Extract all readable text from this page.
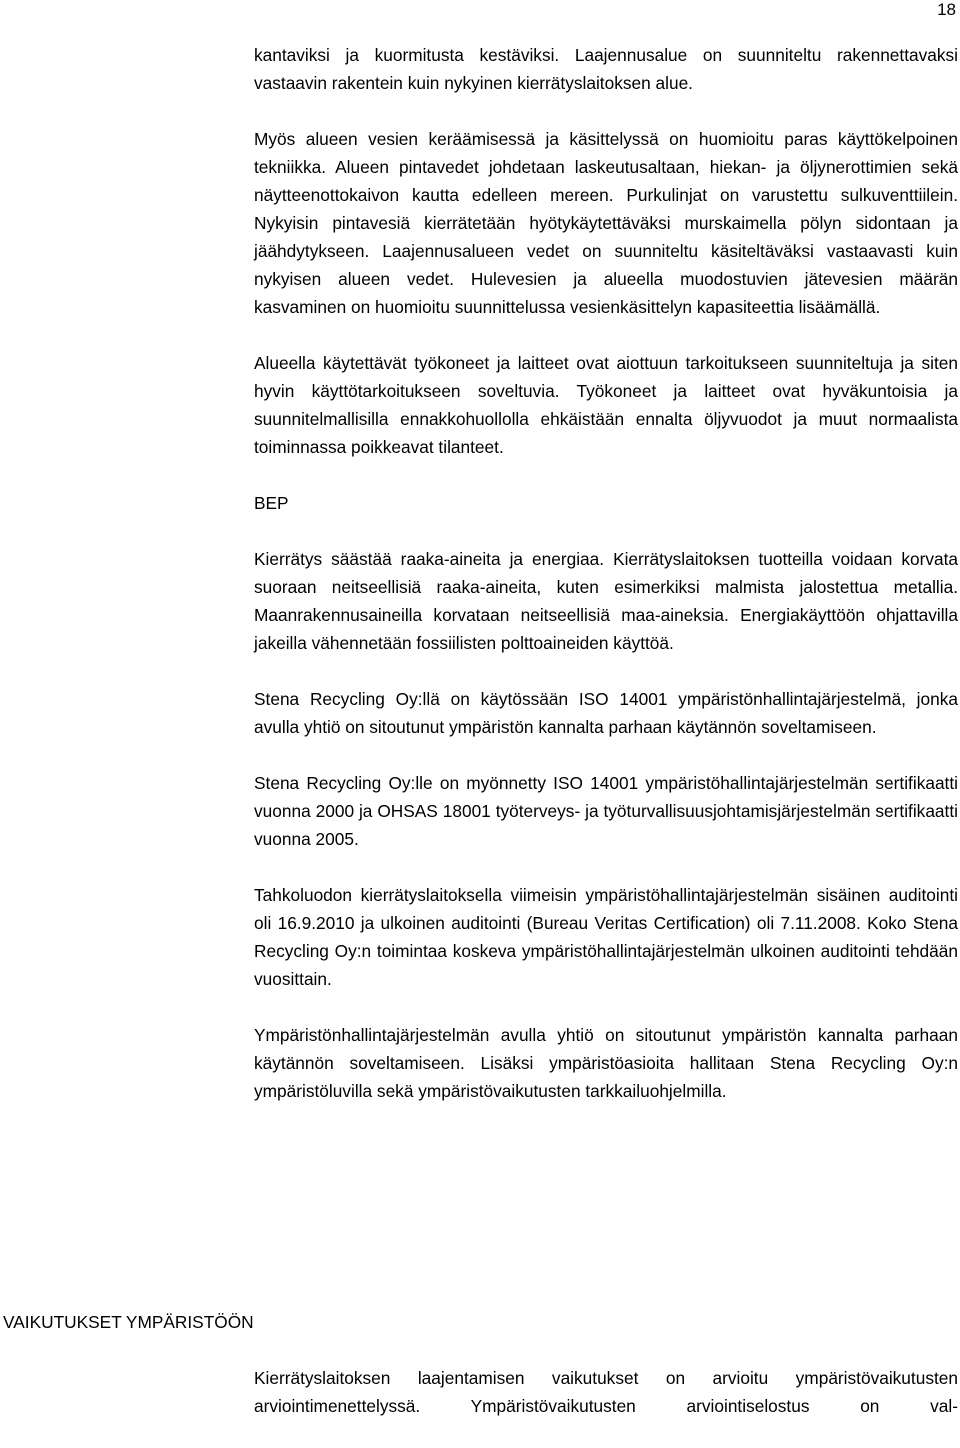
18

kantaviksi ja kuormitusta kestäviksi. Laajennusalue on suunniteltu rakennettavaksi vastaavin rakentein kuin nykyinen kierrätyslaitoksen alue.

Myös alueen vesien keräämisessä ja käsittelyssä on huomioitu paras käyttökelpoinen tekniikka. Alueen pintavedet johdetaan laskeutusaltaan, hiekan- ja öljynerottimien sekä näytteenottokaivon kautta edelleen mereen. Purkulinjat on varustettu sulkuventtiilein. Nykyisin pintavesiä kierrätetään hyötykäytettäväksi murskaimella pölyn sidontaan ja jäähdytykseen. Laajennusalueen vedet on suunniteltu käsiteltäväksi vastaavasti kuin nykyisen alueen vedet. Hulevesien ja alueella muodostuvien jätevesien määrän kasvaminen on huomioitu suunnittelussa vesienkäsittelyn kapasiteettia lisäämällä.

Alueella käytettävät työkoneet ja laitteet ovat aiottuun tarkoitukseen suunniteltuja ja siten hyvin käyttötarkoitukseen soveltuvia. Työkoneet ja laitteet ovat hyväkuntoisia ja suunnitelmallisilla ennakkohuollolla ehkäistään ennalta öljyvuodot ja muut normaalista toiminnassa poikkeavat tilanteet.

BEP

Kierrätys säästää raaka-aineita ja energiaa. Kierrätyslaitoksen tuotteilla voidaan korvata suoraan neitseellisiä raaka-aineita, kuten esimerkiksi malmista jalostettua metallia. Maanrakennusaineilla korvataan neitseellisiä maa-aineksia. Energiakäyttöön ohjattavilla jakeilla vähennetään fossiilisten polttoaineiden käyttöä.

Stena Recycling Oy:llä on käytössään ISO 14001 ympäristönhallintajärjestelmä, jonka avulla yhtiö on sitoutunut ympäristön kannalta parhaan käytännön soveltamiseen.

Stena Recycling Oy:lle on myönnetty ISO 14001 ympäristöhallintajärjestelmän sertifikaatti vuonna 2000 ja OHSAS 18001 työterveys- ja työturvallisuusjohtamisjärjestelmän sertifikaatti vuonna 2005.

Tahkoluodon kierrätyslaitoksella viimeisin ympäristöhallintajärjestelmän sisäinen auditointi oli 16.9.2010 ja ulkoinen auditointi (Bureau Veritas Certification) oli 7.11.2008. Koko Stena Recycling Oy:n toimintaa koskeva ympäristöhallintajärjestelmän ulkoinen auditointi tehdään vuosittain.

Ympäristönhallintajärjestelmän avulla yhtiö on sitoutunut ympäristön kannalta parhaan käytännön soveltamiseen. Lisäksi ympäristöasioita hallitaan Stena Recycling Oy:n ympäristöluvilla sekä ympäristövaikutusten tarkkailuohjelmilla.

VAIKUTUKSET YMPÄRISTÖÖN

Kierrätyslaitoksen laajentamisen vaikutukset on arvioitu ympäristövaikutusten arviointimenettelyssä. Ympäristövaikutusten arviointiselostus on val-
